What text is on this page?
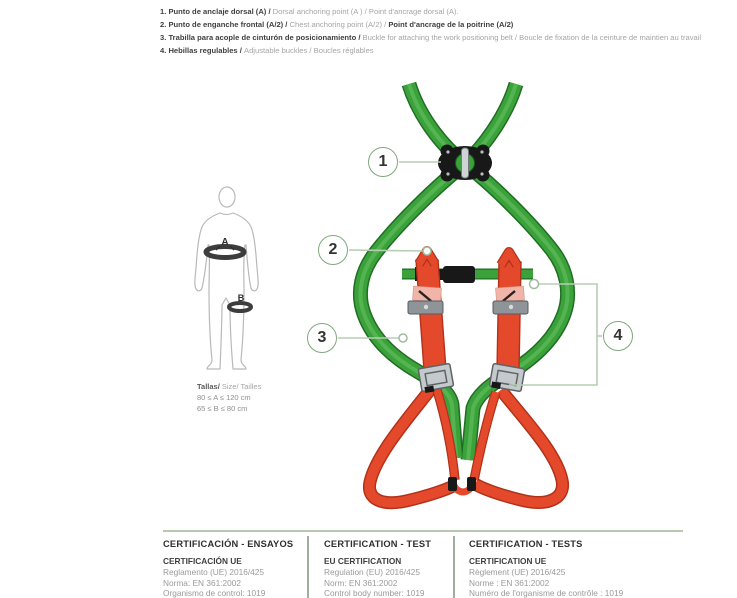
1. Punto de anclaje dorsal (A) / Dorsal anchoring point (A ) / Point d'ancrage dorsal (A).
2. Punto de enganche frontal (A/2) / Chest anchoring point (A/2) / Point d'ancrage de la poitrine (A/2)
3. Trabilla para acople de cinturón de posicionamiento / Buckle for attaching the work positioning belt / Boucle de fixation de la ceinture de maintien au travail
4. Hebillas regulables / Adjustable buckles / Boucles réglables
A
B
1
2
3	4
Tallas/ Size/ Tailles
80 ≤ A ≤ 120 cm
65 ≤ B ≤ 80 cm
CERTIFICACIÓN - ENSAYOS
CERTIFICACIÓN UE
Reglamento (UE) 2016/425
Norma: EN 361:2002
Organismo de control: 1019
CERTIFICATION - TEST
EU CERTIFICATION
Regulation (EU) 2016/425
Norm: EN 361:2002
Control body number: 1019
CERTIFICATION - TESTS
CERTIFICATION UE
Règlement (UE) 2016/425
Norme : EN 361:2002
Numéro de l'organisme de contrôle : 1019
